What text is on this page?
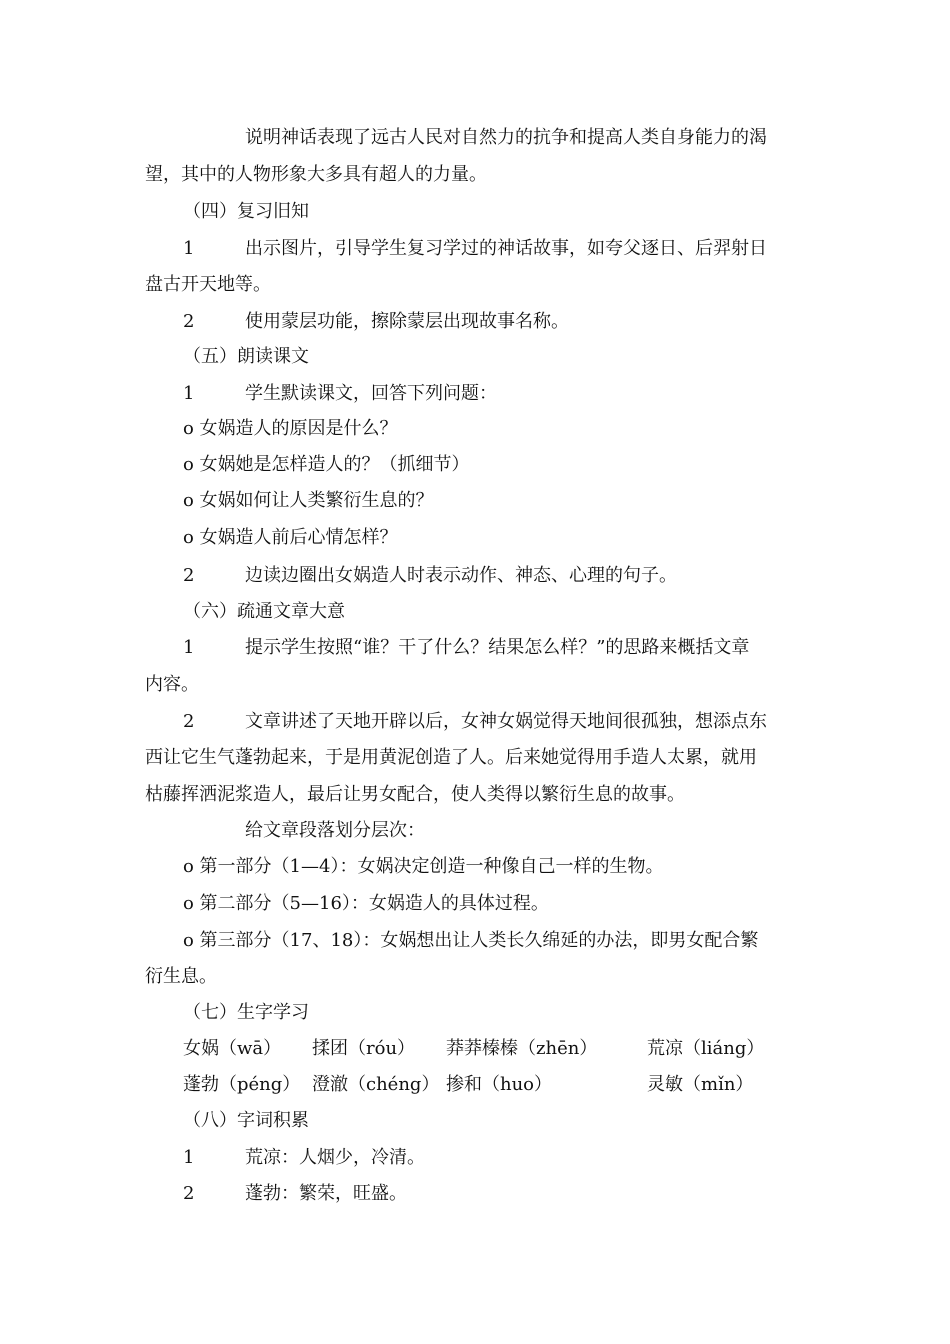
说明神话表现了远古人民对自然力的抗争和提高人类自身能力的渴
望，其中的人物形象大多具有超人的力量。
（四）复习旧知
1	出示图片，引导学生复习学过的神话故事，如夸父逐日、后羿射日
盘古开天地等。
2	使用蒙层功能，擦除蒙层出现故事名称。
（五）朗读课文
1	学生默读课文，回答下列问题：
o 女娲造人的原因是什么？
o 女娲她是怎样造人的？（抓细节）
o 女娲如何让人类繁衍生息的？
o 女娲造人前后心情怎样？
2	边读边圈出女娲造人时表示动作、神态、心理的句子。
（六）疏通文章大意
1	提示学生按照“谁？干了什么？结果怎么样？”的思路来概括文章
内容。
2	文章讲述了天地开辟以后，女神女娲觉得天地间很孤独，想添点东
西让它生气蓬勃起来，于是用黄泥创造了人。后来她觉得用手造人太累，就用
枯藤挥洒泥浆造人，最后让男女配合，使人类得以繁衍生息的故事。
给文章段落划分层次：
o 第一部分（1—4）：女娲决定创造一种像自己一样的生物。
o 第二部分（5—16）：女娲造人的具体过程。
o 第三部分（17、18）：女娲想出让人类长久绵延的办法，即男女配合繁
衍生息。
（七）生字学习
女娲（wā） 揉团（róu） 莽莽榛榛（zhēn）	荒凉（liáng）
蓬勃（péng） 澄澈（chéng） 掺和（huo）	灵敏（mǐn）
（八）字词积累
1	荒凉：人烟少，冷清。
2	蓬勃：繁荣，旺盛。
